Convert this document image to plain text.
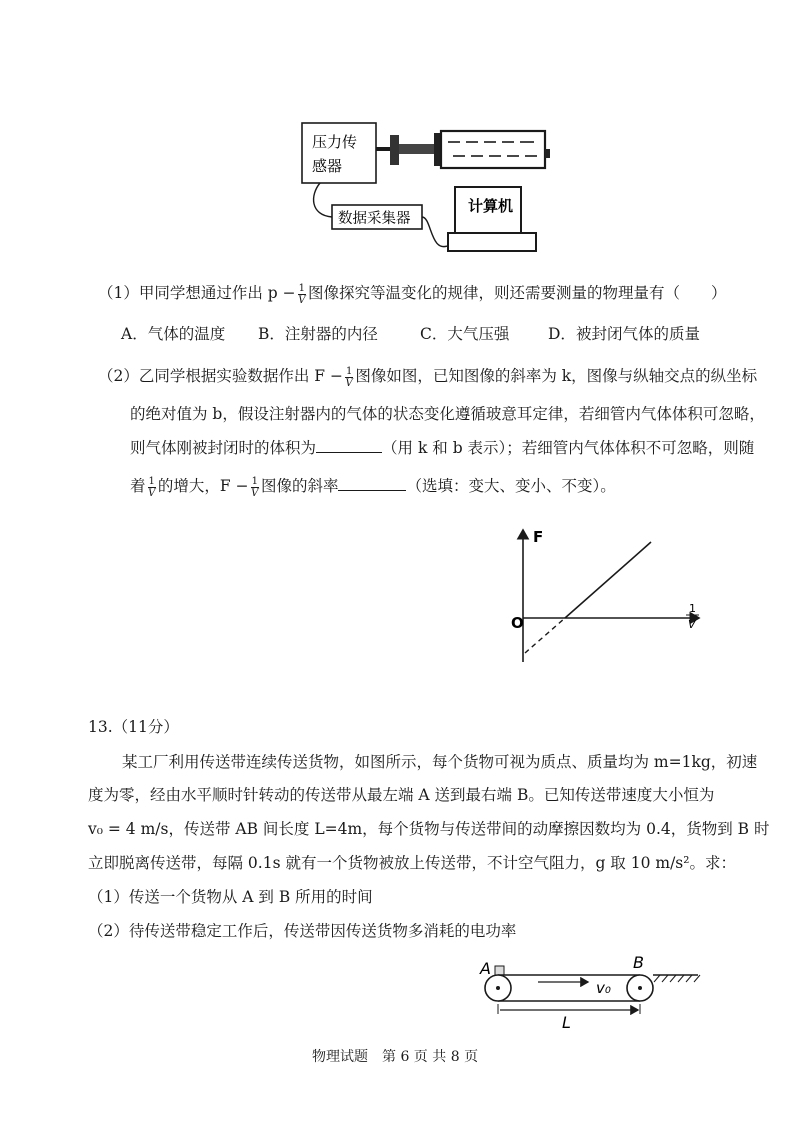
压力传
感器
数据采集器
计算机
（1）甲同学想通过作出 $p - \frac{1}{V}$ 图像探究等温变化的规律，则还需要测量的物理量有（　　）
A．气体的温度 B．注射器的内径	C．大气压强 D．被封闭气体的质量
（2）乙同学根据实验数据作出 $F - \frac{1}{V}$ 图像如图，已知图像的斜率为 k，图像与纵轴交点的纵坐标
的绝对值为 b，假设注射器内的气体的状态变化遵循玻意耳定律，若细管内气体体积可忽略，
则气体刚被封闭时的体积为	（用 k 和 b 表示）；若细管内气体体积不可忽略，则随
着 $\frac{1}{V}$ 的增大，$F - \frac{1}{V}$ 图像的斜率	（选填：变大、变小、不变）。
F
O
1
V
13.（11分）
某工厂利用传送带连续传送货物，如图所示，每个货物可视为质点、质量均为 m=1kg，初速
度为零，经由水平顺时针转动的传送带从最左端 A 送到最右端 B。已知传送带速度大小恒为
v₀ = 4 m/s，传送带 AB 间长度 L=4m，每个货物与传送带间的动摩擦因数均为 0.4，货物到 B 时
立即脱离传送带，每隔 0.1s 就有一个货物被放上传送带，不计空气阻力，g 取 10 m/s²。求：
（1）传送一个货物从 A 到 B 所用的时间
（2）待传送带稳定工作后，传送带因传送货物多消耗的电功率
A	B
v₀
L
物理试题　第 6 页 共 8 页
